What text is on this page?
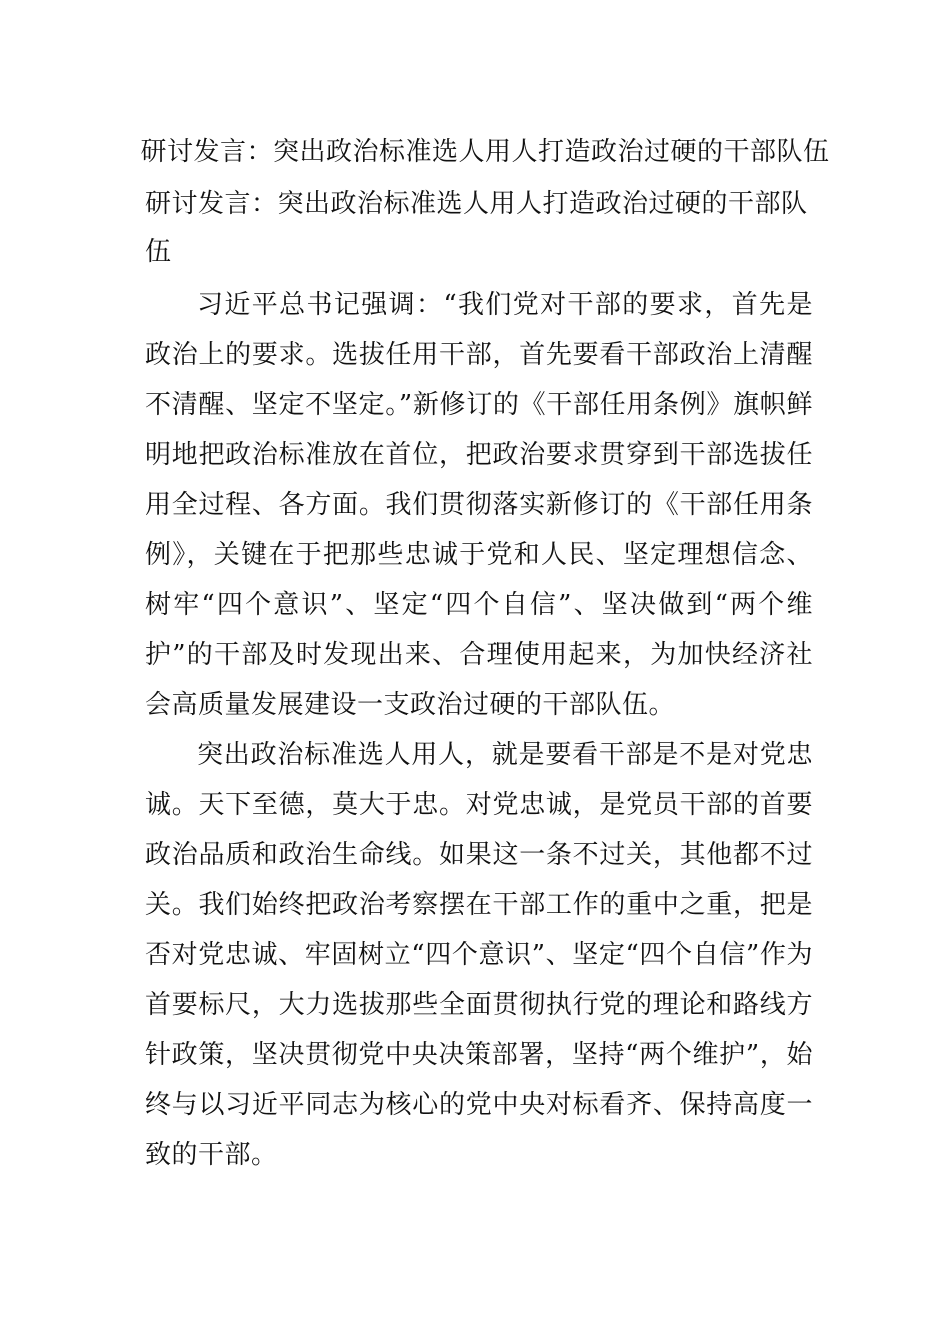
研讨发言：突出政治标准选人用人打造政治过硬的干部队伍
研讨发言：突出政治标准选人用人打造政治过硬的干部队伍

习近平总书记强调：“我们党对干部的要求，首先是政治上的要求。选拔任用干部，首先要看干部政治上清醒不清醒、坚定不坚定。”新修订的《干部任用条例》旗帜鲜明地把政治标准放在首位，把政治要求贯穿到干部选拔任用全过程、各方面。我们贯彻落实新修订的《干部任用条例》，关键在于把那些忠诚于党和人民、坚定理想信念、树牢“四个意识”、坚定“四个自信”、坚决做到“两个维护”的干部及时发现出来、合理使用起来，为加快经济社会高质量发展建设一支政治过硬的干部队伍。

突出政治标准选人用人，就是要看干部是不是对党忠诚。天下至德，莫大于忠。对党忠诚，是党员干部的首要政治品质和政治生命线。如果这一条不过关，其他都不过关。我们始终把政治考察摆在干部工作的重中之重，把是否对党忠诚、牢固树立“四个意识”、坚定“四个自信”作为首要标尺，大力选拔那些全面贯彻执行党的理论和路线方针政策，坚决贯彻党中央决策部署，坚持“两个维护”，始终与以习近平同志为核心的党中央对标看齐、保持高度一致的干部。
